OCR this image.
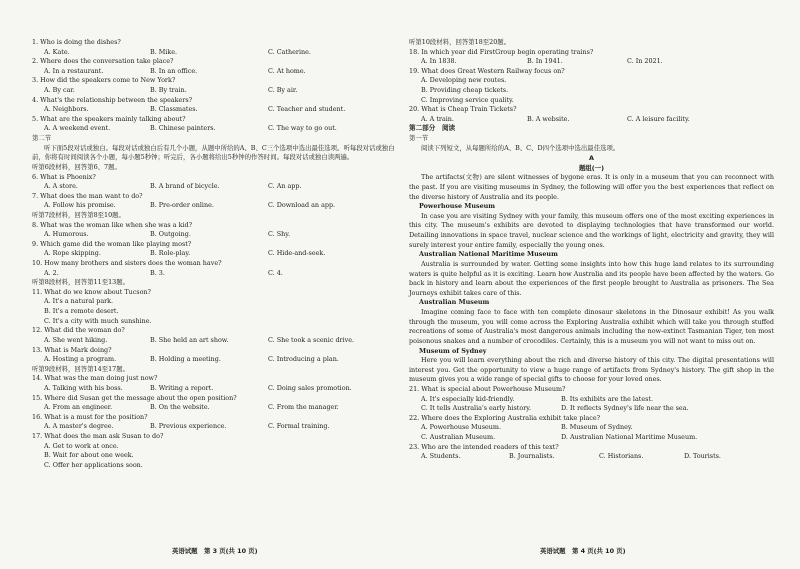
1. Who is doing the dishes?
A. Kate.	B. Mike.	C. Catherine.
2. Where does the conversation take place?
A. In a restaurant.	B. In an office.	C. At home.
3. How did the speakers come to New York?
A. By car.	B. By train.	C. By air.
4. What's the relationship between the speakers?
A. Neighbors.	B. Classmates.	C. Teacher and student.
5. What are the speakers mainly talking about?
A. A weekend event.	B. Chinese painters.	C. The way to go out.
第二节
听下面5段对话或独白。每段对话或独白后有几个小题，从题中所给的A、B、C三个选项中选出最佳选项。听每段对话或独白前，你将有时间阅读各个小题，每小题5秒钟；听完后，各小题将给出5秒钟的作答时间。每段对话或独白读两遍。
听第6段材料，回答第6、7题。
6. What is Phoenix?
A. A store.	B. A brand of bicycle.	C. An app.
7. What does the man want to do?
A. Follow his promise.	B. Pre-order online.	C. Download an app.
听第7段材料，回答第8至10题。
8. What was the woman like when she was a kid?
A. Humorous.	B. Outgoing.	C. Shy.
9. Which game did the woman like playing most?
A. Rope skipping.	B. Role-play.	C. Hide-and-seek.
10. How many brothers and sisters does the woman have?
A. 2.	B. 3.	C. 4.
听第8段材料，回答第11至13题。
11. What do we know about Tucson?
A. It's a natural park.
B. It's a remote desert.
C. It's a city with much sunshine.
12. What did the woman do?
A. She went hiking.	B. She held an art show.	C. She took a scenic drive.
13. What is Mark doing?
A. Hosting a program.	B. Holding a meeting.	C. Introducing a plan.
听第9段材料，回答第14至17题。
14. What was the man doing just now?
A. Talking with his boss.	B. Writing a report.	C. Doing sales promotion.
15. Where did Susan get the message about the open position?
A. From an engineer.	B. On the website.	C. From the manager.
16. What is a must for the position?
A. A master's degree.	B. Previous experience.	C. Formal training.
17. What does the man ask Susan to do?
A. Get to work at once.
B. Wait for about one week.
C. Offer her applications soon.
听第10段材料，回答第18至20题。
18. In which year did FirstGroup begin operating trains?
A. In 1838.	B. In 1941.	C. In 2021.
19. What does Great Western Railway focus on?
A. Developing new routes.
B. Providing cheap tickets.
C. Improving service quality.
20. What is Cheap Train Tickets?
A. A train.	B. A website.	C. A leisure facility.
第二部分　阅读
第一节
阅读下列短文，从每题所给的A、B、C、D四个选项中选出最佳选项。
A
题组(一)
The artifacts(文物) are silent witnesses of bygone eras. It is only in a museum that you can reconnect with the past. If you are visiting museums in Sydney, the following will offer you the best experiences that reflect on the diverse history of Australia and its people.
Powerhouse Museum
In case you are visiting Sydney with your family, this museum offers one of the most exciting experiences in this city. The museum's exhibits are devoted to displaying technologies that have transformed our world. Detailing innovations in space travel, nuclear science and the workings of light, electricity and gravity, they will surely interest your entire family, especially the young ones.
Australian National Maritime Museum
Australia is surrounded by water. Getting some insights into how this huge land relates to its surrounding waters is quite helpful as it is exciting. Learn how Australia and its people have been affected by the waters. Go back in history and learn about the experiences of the first people brought to Australia as prisoners. The Sea Journeys exhibit takes care of this.
Australian Museum
Imagine coming face to face with ten complete dinosaur skeletons in the Dinosaur exhibit! As you walk through the museum, you will come across the Exploring Australia exhibit which will take you through stuffed recreations of some of Australia's most dangerous animals including the now-extinct Tasmanian Tiger, ten most poisonous snakes and a number of crocodiles. Certainly, this is a museum you will not want to miss out on.
Museum of Sydney
Here you will learn everything about the rich and diverse history of this city. The digital presentations will interest you. Get the opportunity to view a huge range of artifacts from Sydney's history. The gift shop in the museum gives you a wide range of special gifts to choose for your loved ones.
21. What is special about Powerhouse Museum?
A. It's especially kid-friendly.	B. Its exhibits are the latest.
C. It tells Australia's early history.	D. It reflects Sydney's life near the sea.
22. Where does the Exploring Australia exhibit take place?
A. Powerhouse Museum.	B. Museum of Sydney.
C. Australian Museum.	D. Australian National Maritime Museum.
23. Who are the intended readers of this text?
A. Students.	B. Journalists.	C. Historians.	D. Tourists.
英语试题　第 3 页(共 10 页)	英语试题　第 4 页(共 10 页)
